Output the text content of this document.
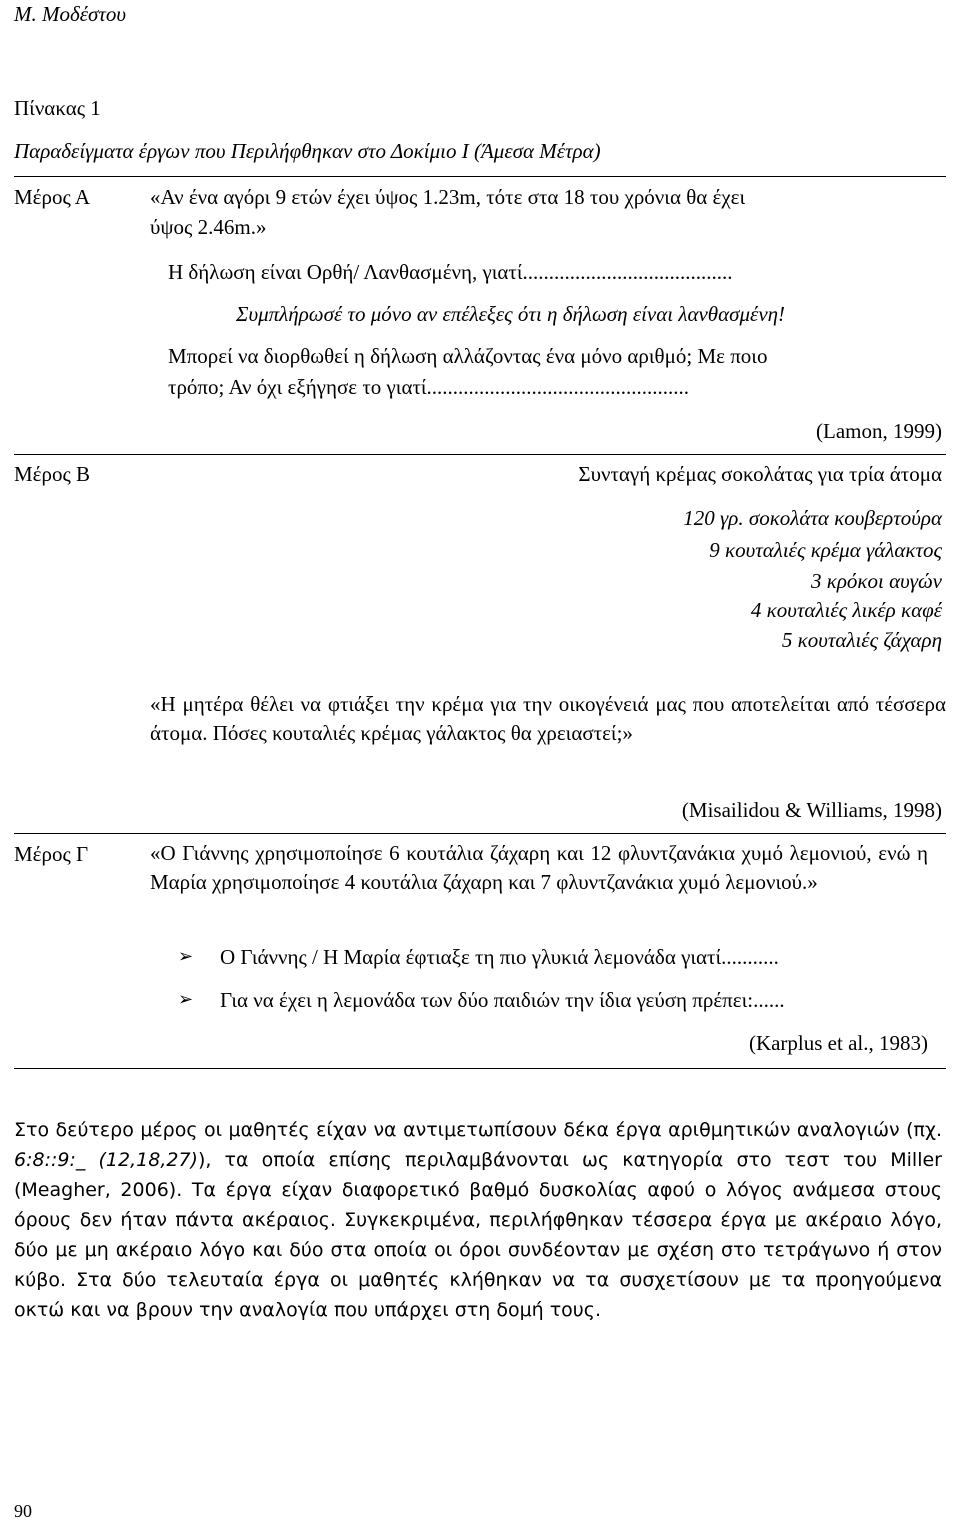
Μ. Μοδέστου
Πίνακας 1
Παραδείγματα έργων που Περιλήφθηκαν στο Δοκίμιο Ι (Άμεσα Μέτρα)
Μέρος Α	«Αν ένα αγόρι 9 ετών έχει ύψος 1.23m, τότε στα 18 του χρόνια θα έχει
ύψος 2.46m.»
Η δήλωση είναι Ορθή/ Λανθασμένη, γιατί........................................
Συμπλήρωσέ το μόνο αν επέλεξες ότι η δήλωση είναι λανθασμένη!
Μπορεί να διορθωθεί η δήλωση αλλάζοντας ένα μόνο αριθμό; Με ποιο
τρόπο; Αν όχι εξήγησε το γιατί..................................................
(Lamon, 1999)
Μέρος Β	Συνταγή κρέμας σοκολάτας για τρία άτομα
120 γρ. σοκολάτα κουβερτούρα
9 κουταλιές κρέμα γάλακτος
3 κρόκοι αυγών
4 κουταλιές λικέρ καφέ
5 κουταλιές ζάχαρη
«Η μητέρα θέλει να φτιάξει την κρέμα για την οικογένειά μας που αποτελείται από τέσσερα άτομα. Πόσες κουταλιές κρέμας γάλακτος θα χρειαστεί;»
(Misailidou & Williams, 1998)
Μέρος Γ	«Ο Γιάννης χρησιμοποίησε 6 κουτάλια ζάχαρη και 12 φλυντζανάκια χυμό λεμονιού, ενώ η Μαρία χρησιμοποίησε 4 κουτάλια ζάχαρη και 7 φλυντζανάκια χυμό λεμονιού.»
➢ Ο Γιάννης / Η Μαρία έφτιαξε τη πιο γλυκιά λεμονάδα γιατί...........
➢ Για να έχει η λεμονάδα των δύο παιδιών την ίδια γεύση πρέπει:......
(Karplus et al., 1983)
Στο δεύτερο μέρος οι μαθητές είχαν να αντιμετωπίσουν δέκα έργα αριθμητικών αναλογιών (πχ. 6:8::9:_ (12,18,27)), τα οποία επίσης περιλαμβάνονται ως κατηγορία στο τεστ του Miller (Meagher, 2006). Τα έργα είχαν διαφορετικό βαθμό δυσκολίας αφού ο λόγος ανάμεσα στους όρους δεν ήταν πάντα ακέραιος. Συγκεκριμένα, περιλήφθηκαν τέσσερα έργα με ακέραιο λόγο, δύο με μη ακέραιο λόγο και δύο στα οποία οι όροι συνδέονταν με σχέση στο τετράγωνο ή στον κύβο. Στα δύο τελευταία έργα οι μαθητές κλήθηκαν να τα συσχετίσουν με τα προηγούμενα οκτώ και να βρουν την αναλογία που υπάρχει στη δομή τους.
90
